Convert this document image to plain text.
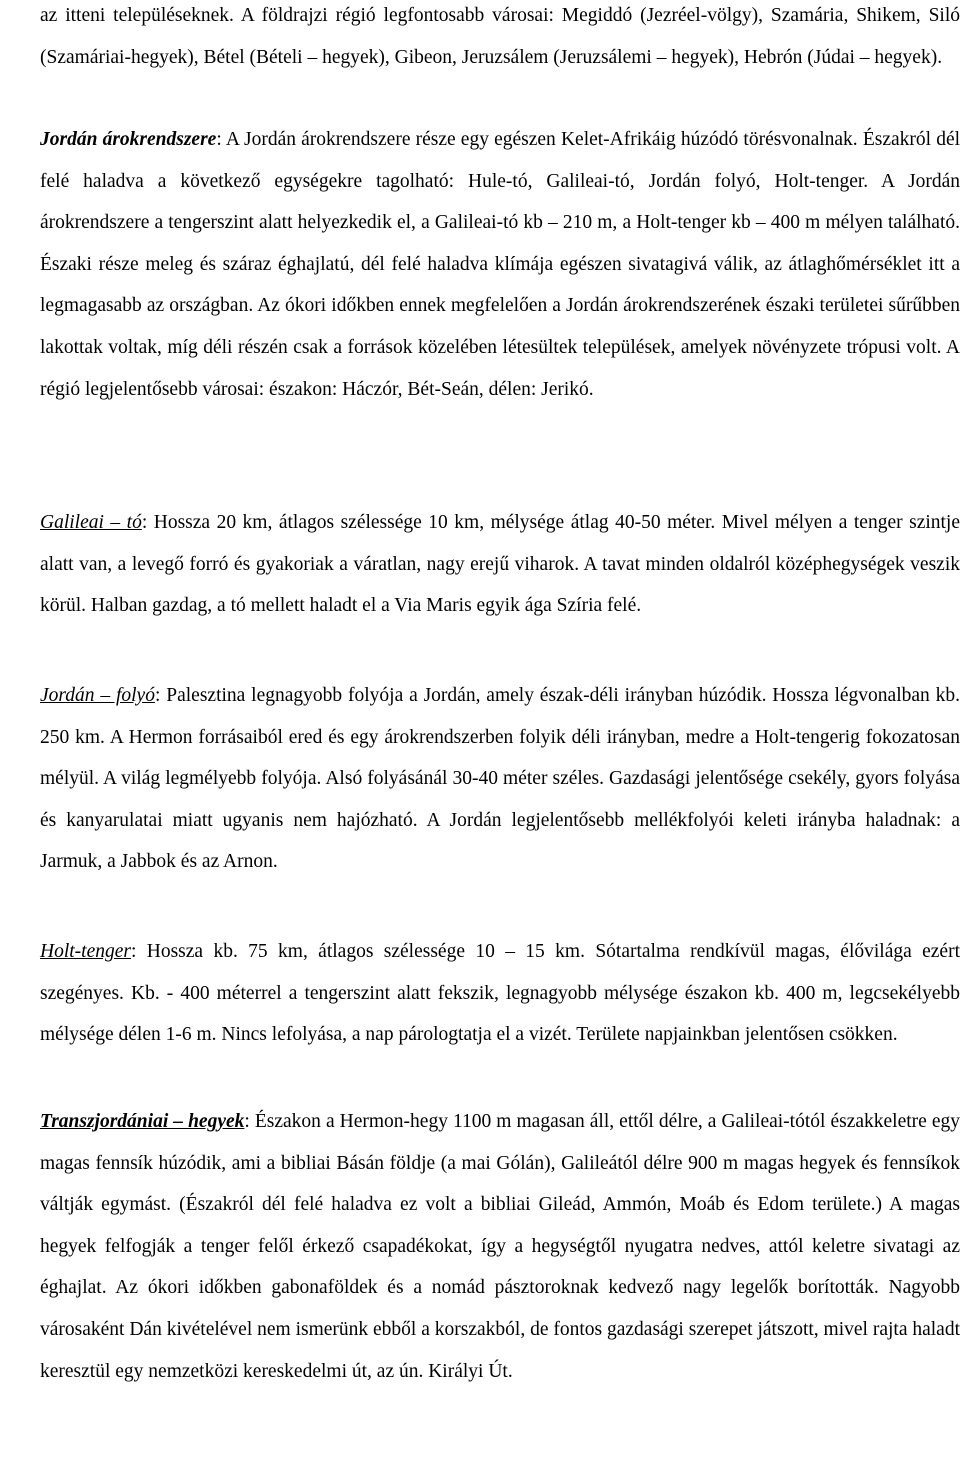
az itteni településeknek. A földrajzi régió legfontosabb városai: Megiddó (Jezréel-völgy), Szamária, Shikem, Siló (Szamáriai-hegyek), Bétel (Bételi – hegyek), Gibeon, Jeruzsálem (Jeruzsálemi – hegyek), Hebrón (Júdai – hegyek).

Jordán árokrendszere: A Jordán árokrendszere része egy egészen Kelet-Afrikáig húzódó törésvonalnak. Északról dél felé haladva a következő egységekre tagolható: Hule-tó, Galileai-tó, Jordán folyó, Holt-tenger. A Jordán árokrendszere a tengerszint alatt helyezkedik el, a Galileai-tó kb – 210 m, a Holt-tenger kb – 400 m mélyen található. Északi része meleg és száraz éghajlatú, dél felé haladva klímája egészen sivatagivá válik, az átlaghőmérséklet itt a legmagasabb az országban. Az ókori időkben ennek megfelelően a Jordán árokrendszerének északi területei sűrűbben lakottak voltak, míg déli részén csak a források közelében létesültek települések, amelyek növényzete trópusi volt. A régió legjelentősebb városai: északon: Háczór, Bét-Seán, délen: Jerikó.

Galileai – tó: Hossza 20 km, átlagos szélessége 10 km, mélysége átlag 40-50 méter. Mivel mélyen a tenger szintje alatt van, a levegő forró és gyakoriak a váratlan, nagy erejű viharok. A tavat minden oldalról középhegységek veszik körül. Halban gazdag, a tó mellett haladt el a Via Maris egyik ága Szíria felé.

Jordán – folyó: Palesztina legnagyobb folyója a Jordán, amely észak-déli irányban húzódik. Hossza légvonalban kb. 250 km. A Hermon forrásaiból ered és egy árokrendszerben folyik déli irányban, medre a Holt-tengerig fokozatosan mélyül. A világ legmélyebb folyója. Alsó folyásánál 30-40 méter széles. Gazdasági jelentősége csekély, gyors folyása és kanyarulatai miatt ugyanis nem hajózható. A Jordán legjelentősebb mellékfolyói keleti irányba haladnak: a Jarmuk, a Jabbok és az Arnon.

Holt-tenger: Hossza kb. 75 km, átlagos szélessége 10 – 15 km. Sótartalma rendkívül magas, élővilága ezért szegényes. Kb. - 400 méterrel a tengerszint alatt fekszik, legnagyobb mélysége északon kb. 400 m, legcsekélyebb mélysége délen 1-6 m. Nincs lefolyása, a nap párologtatja el a vizét. Területe napjainkban jelentősen csökken.

Transzjordániai – hegyek: Északon a Hermon-hegy 1100 m magasan áll, ettől délre, a Galileai-tótól északkeletre egy magas fennsík húzódik, ami a bibliai Básán földje (a mai Gólán), Galileától délre 900 m magas hegyek és fennsíkok váltják egymást. (Északról dél felé haladva ez volt a bibliai Gileád, Ammón, Moáb és Edom területe.) A magas hegyek felfogják a tenger felől érkező csapadékokat, így a hegységtől nyugatra nedves, attól keletre sivatagi az éghajlat. Az ókori időkben gabonaföldek és a nomád pásztoroknak kedvező nagy legelők borították. Nagyobb városaként Dán kivételével nem ismerünk ebből a korszakból, de fontos gazdasági szerepet játszott, mivel rajta haladt keresztül egy nemzetközi kereskedelmi út, az ún. Királyi Út.
